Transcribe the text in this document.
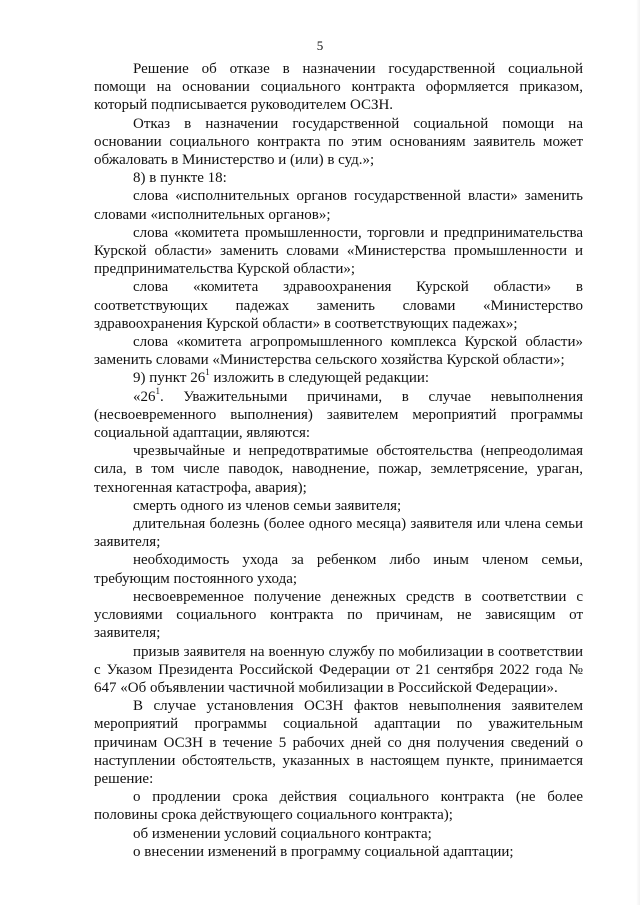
5

Решение об отказе в назначении государственной социальной помощи на основании социального контракта оформляется приказом, который подписывается руководителем ОСЗН.

Отказ в назначении государственной социальной помощи на основании социального контракта по этим основаниям заявитель может обжаловать в Министерство и (или) в суд.»;

8) в пункте 18:

слова «исполнительных органов государственной власти» заменить словами «исполнительных органов»;

слова «комитета промышленности, торговли и предпринимательства Курской области» заменить словами «Министерства промышленности и предпринимательства Курской области»;

слова «комитета здравоохранения Курской области» в соответствующих падежах заменить словами «Министерство здравоохранения Курской области» в соответствующих падежах»;

слова «комитета агропромышленного комплекса Курской области» заменить словами «Министерства сельского хозяйства Курской области»;

9) пункт $26^1$ изложить в следующей редакции:

«$26^1$. Уважительными причинами, в случае невыполнения (несвоевременного выполнения) заявителем мероприятий программы социальной адаптации, являются:

чрезвычайные и непредотвратимые обстоятельства (непреодолимая сила, в том числе паводок, наводнение, пожар, землетрясение, ураган, техногенная катастрофа, авария);

смерть одного из членов семьи заявителя;

длительная болезнь (более одного месяца) заявителя или члена семьи заявителя;

необходимость ухода за ребенком либо иным членом семьи, требующим постоянного ухода;

несвоевременное получение денежных средств в соответствии с условиями социального контракта по причинам, не зависящим от заявителя;

призыв заявителя на военную службу по мобилизации в соответствии с Указом Президента Российской Федерации от 21 сентября 2022 года № 647 «Об объявлении частичной мобилизации в Российской Федерации».

В случае установления ОСЗН фактов невыполнения заявителем мероприятий программы социальной адаптации по уважительным причинам ОСЗН в течение 5 рабочих дней со дня получения сведений о наступлении обстоятельств, указанных в настоящем пункте, принимается решение:

о продлении срока действия социального контракта (не более половины срока действующего социального контракта);

об изменении условий социального контракта;

о внесении изменений в программу социальной адаптации;
